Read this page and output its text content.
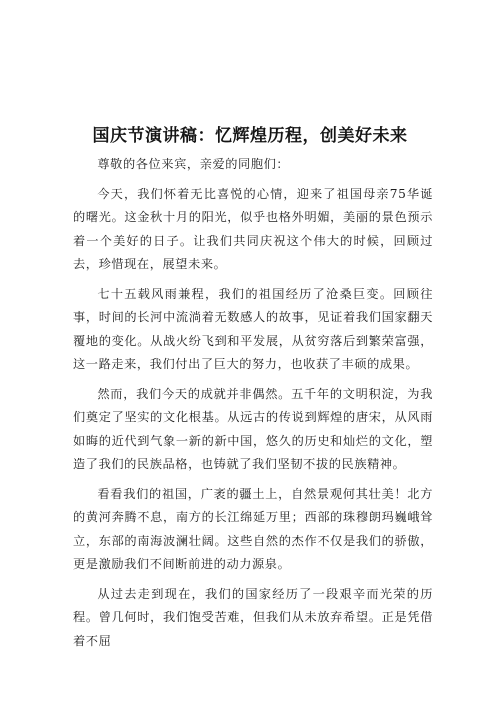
国庆节演讲稿：忆辉煌历程，创美好未来

尊敬的各位来宾，亲爱的同胞们：

今天，我们怀着无比喜悦的心情，迎来了祖国母亲75华诞的曙光。这金秋十月的阳光，似乎也格外明媚，美丽的景色预示着一个美好的日子。让我们共同庆祝这个伟大的时候，回顾过去，珍惜现在，展望未来。

七十五载风雨兼程，我们的祖国经历了沧桑巨变。回顾往事，时间的长河中流淌着无数感人的故事，见证着我们国家翻天覆地的变化。从战火纷飞到和平发展，从贫穷落后到繁荣富强，这一路走来，我们付出了巨大的努力，也收获了丰硕的成果。

然而，我们今天的成就并非偶然。五千年的文明积淀，为我们奠定了坚实的文化根基。从远古的传说到辉煌的唐宋，从风雨如晦的近代到气象一新的新中国，悠久的历史和灿烂的文化，塑造了我们的民族品格，也铸就了我们坚韧不拔的民族精神。

看看我们的祖国，广袤的疆土上，自然景观何其壮美！北方的黄河奔腾不息，南方的长江绵延万里；西部的珠穆朗玛巍峨耸立，东部的南海波澜壮阔。这些自然的杰作不仅是我们的骄傲，更是激励我们不间断前进的动力源泉。

从过去走到现在，我们的国家经历了一段艰辛而光荣的历程。曾几何时，我们饱受苦难，但我们从未放弃希望。正是凭借着不屈
